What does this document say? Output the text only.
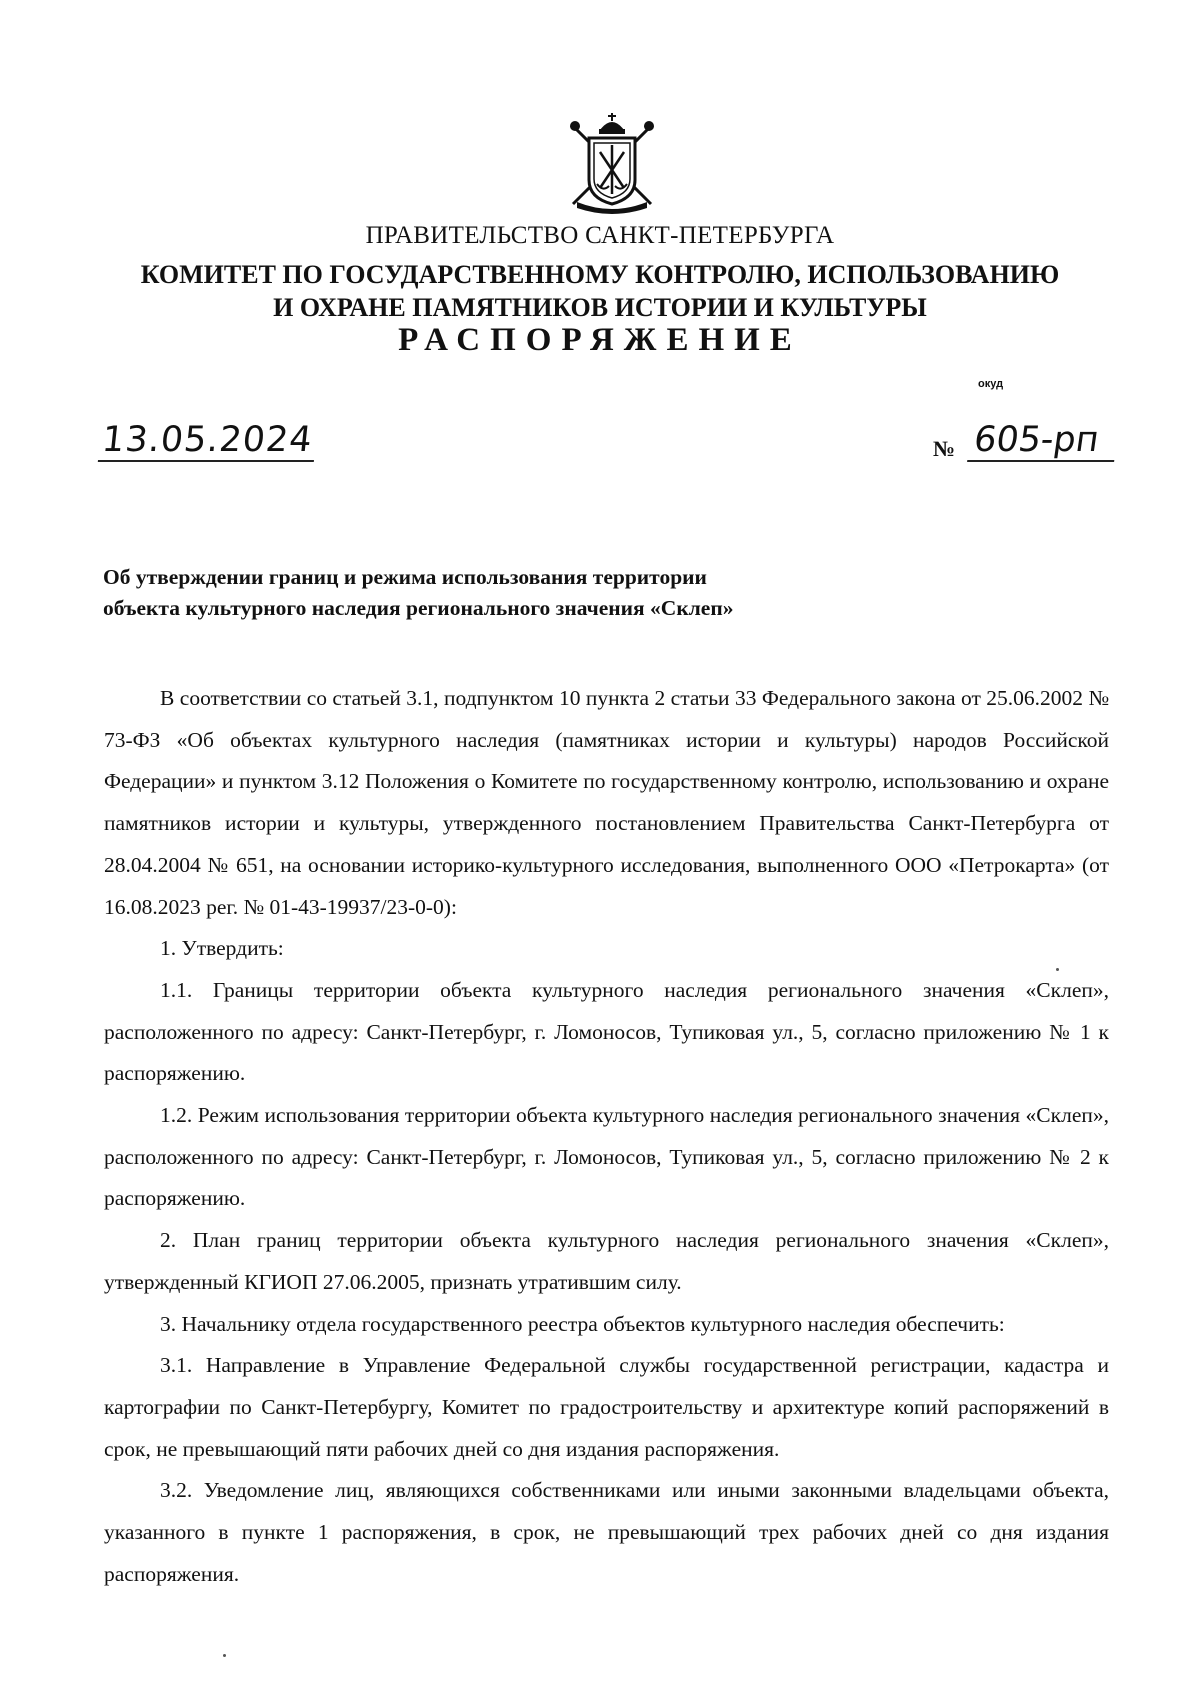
ПРАВИТЕЛЬСТВО САНКТ-ПЕТЕРБУРГА
КОМИТЕТ ПО ГОСУДАРСТВЕННОМУ КОНТРОЛЮ, ИСПОЛЬЗОВАНИЮ
И ОХРАНЕ ПАМЯТНИКОВ ИСТОРИИ И КУЛЬТУРЫ
РАСПОРЯЖЕНИЕ
окуд
13.05.2024	№ 605-рп
Об утверждении границ и режима использования территории
объекта культурного наследия регионального значения «Склеп»

В соответствии со статьей 3.1, подпунктом 10 пункта 2 статьи 33 Федерального закона от 25.06.2002 № 73-ФЗ «Об объектах культурного наследия (памятниках истории и культуры) народов Российской Федерации» и пунктом 3.12 Положения о Комитете по государственному контролю, использованию и охране памятников истории и культуры, утвержденного постановлением Правительства Санкт-Петербурга от 28.04.2004 № 651, на основании историко-культурного исследования, выполненного ООО «Петрокарта» (от 16.08.2023 рег. № 01-43-19937/23-0-0):

1. Утвердить:

1.1. Границы территории объекта культурного наследия регионального значения «Склеп», расположенного по адресу: Санкт-Петербург, г. Ломоносов, Тупиковая ул., 5, согласно приложению № 1 к распоряжению.

1.2. Режим использования территории объекта культурного наследия регионального значения «Склеп», расположенного по адресу: Санкт-Петербург, г. Ломоносов, Тупиковая ул., 5, согласно приложению № 2 к распоряжению.

2. План границ территории объекта культурного наследия регионального значения «Склеп», утвержденный КГИОП 27.06.2005, признать утратившим силу.

3. Начальнику отдела государственного реестра объектов культурного наследия обеспечить:

3.1. Направление в Управление Федеральной службы государственной регистрации, кадастра и картографии по Санкт-Петербургу, Комитет по градостроительству и архитектуре копий распоряжений в срок, не превышающий пяти рабочих дней со дня издания распоряжения.

3.2. Уведомление лиц, являющихся собственниками или иными законными владельцами объекта, указанного в пункте 1 распоряжения, в срок, не превышающий трех рабочих дней со дня издания распоряжения.
